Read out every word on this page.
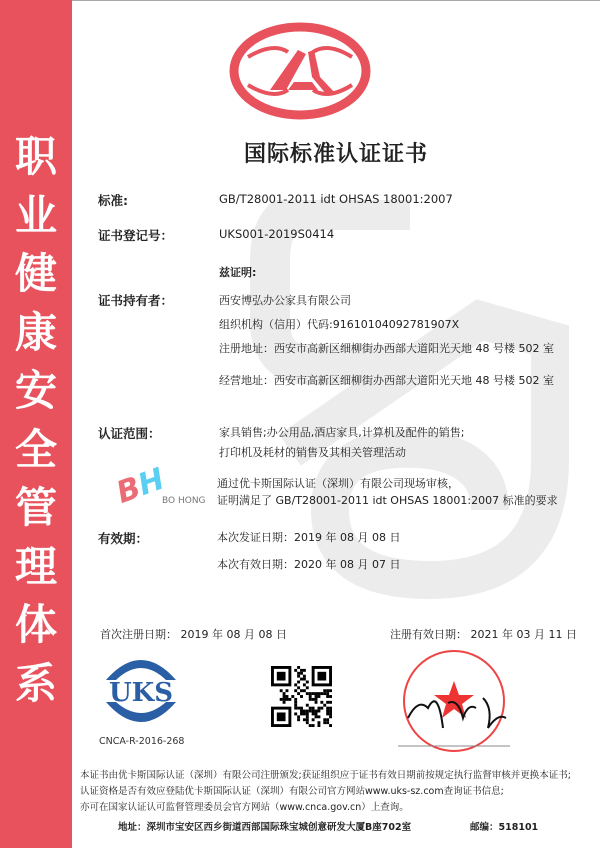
职
业
健
康
安
全
管
理
体
系
国际标准认证证书
标准:	GB/T28001-2011 idt OHSAS 18001:2007
证书登记号：	UKS001-2019S0414
兹证明:
证书持有者：	西安博弘办公家具有限公司
组织机构（信用）代码:91610104092781907X
注册地址：西安市高新区细柳街办西部大道阳光天地 48 号楼 502 室
经营地址：西安市高新区细柳街办西部大道阳光天地 48 号楼 502 室
BH
BO HONG
认证范围：	家具销售;办公用品,酒店家具,计算机及配件的销售;
打印机及耗材的销售及其相关管理活动
通过优卡斯国际认证（深圳）有限公司现场审核，
证明满足了 GB/T28001-2011 idt OHSAS 18001:2007 标准的要求
有效期：	本次发证日期：2019 年 08 月 08 日
本次有效日期：2020 年 08 月 07 日
首次注册日期： 2019 年 08 月 08 日	注册有效日期： 2021 年 03 月 11 日
UKS
CNCA-R-2016-268
本证书由优卡斯国际认证（深圳）有限公司注册颁发;获证组织应于证书有效日期前按规定执行监督审核并更换本证书;
认证资格是否有效应登陆优卡斯国际认证（深圳）有限公司官方网站www.uks-sz.com查询证书信息;
亦可在国家认证认可监督管理委员会官方网站（www.cnca.gov.cn）上查询。
地址：深圳市宝安区西乡街道西部国际珠宝城创意研发大厦B座702室	邮编：518101
